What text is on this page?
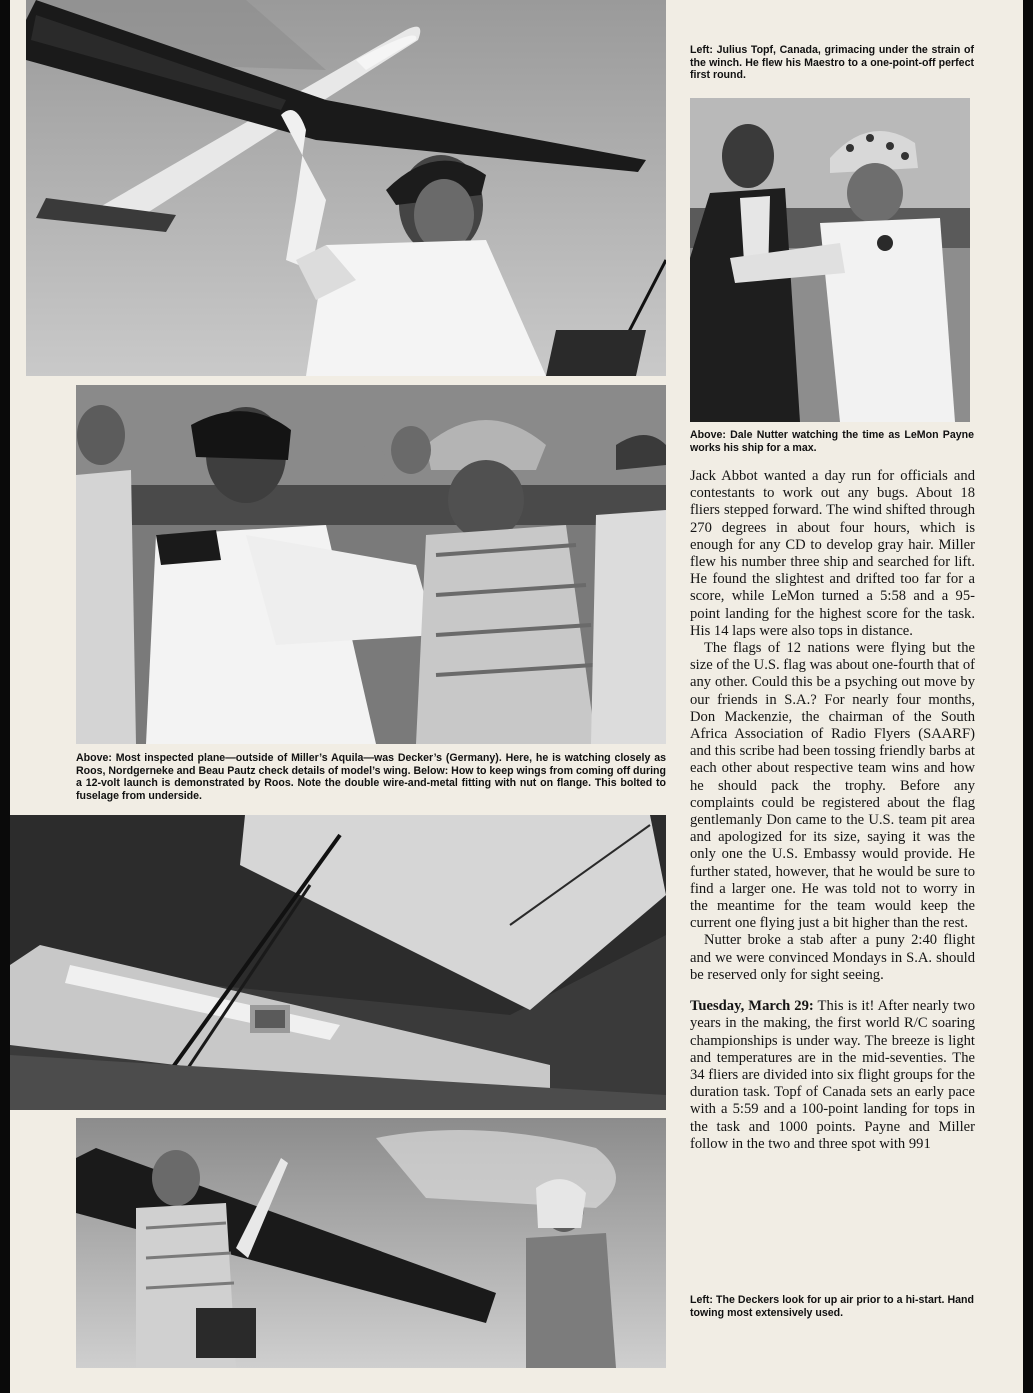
Left: Julius Topf, Canada, grimacing under the strain of the winch. He flew his Maestro to a one-point-off perfect first round.

Above: Dale Nutter watching the time as LeMon Payne works his ship for a max.

Above: Most inspected plane—outside of Miller’s Aquila—was Decker’s (Germany). Here, he is watching closely as Roos, Nordgerneke and Beau Pautz check details of model’s wing. Below: How to keep wings from coming off during a 12-volt launch is demonstrated by Roos. Note the double wire-and-metal fitting with nut on flange. This bolted to fuselage from underside.

Jack Abbot wanted a day run for officials and contestants to work out any bugs. About 18 fliers stepped forward. The wind shifted through 270 degrees in about four hours, which is enough for any CD to develop gray hair. Miller flew his number three ship and searched for lift. He found the slightest and drifted too far for a score, while LeMon turned a 5:58 and a 95-point landing for the highest score for the task. His 14 laps were also tops in distance.

The flags of 12 nations were flying but the size of the U.S. flag was about one-fourth that of any other. Could this be a psyching out move by our friends in S.A.? For nearly four months, Don Mackenzie, the chairman of the South Africa Association of Radio Flyers (SAARF) and this scribe had been tossing friendly barbs at each other about respective team wins and how he should pack the trophy. Before any complaints could be registered about the flag gentlemanly Don came to the U.S. team pit area and apologized for its size, saying it was the only one the U.S. Embassy would provide. He further stated, however, that he would be sure to find a larger one. He was told not to worry in the meantime for the team would keep the current one flying just a bit higher than the rest.

Nutter broke a stab after a puny 2:40 flight and we were convinced Mondays in S.A. should be reserved only for sight seeing.

Tuesday, March 29: This is it! After nearly two years in the making, the first world R/C soaring championships is under way. The breeze is light and temperatures are in the mid-seventies. The 34 fliers are divided into six flight groups for the duration task. Topf of Canada sets an early pace with a 5:59 and a 100-point landing for tops in the task and 1000 points. Payne and Miller follow in the two and three spot with 991

Left: The Deckers look for up air prior to a hi-start. Hand towing most extensively used.
